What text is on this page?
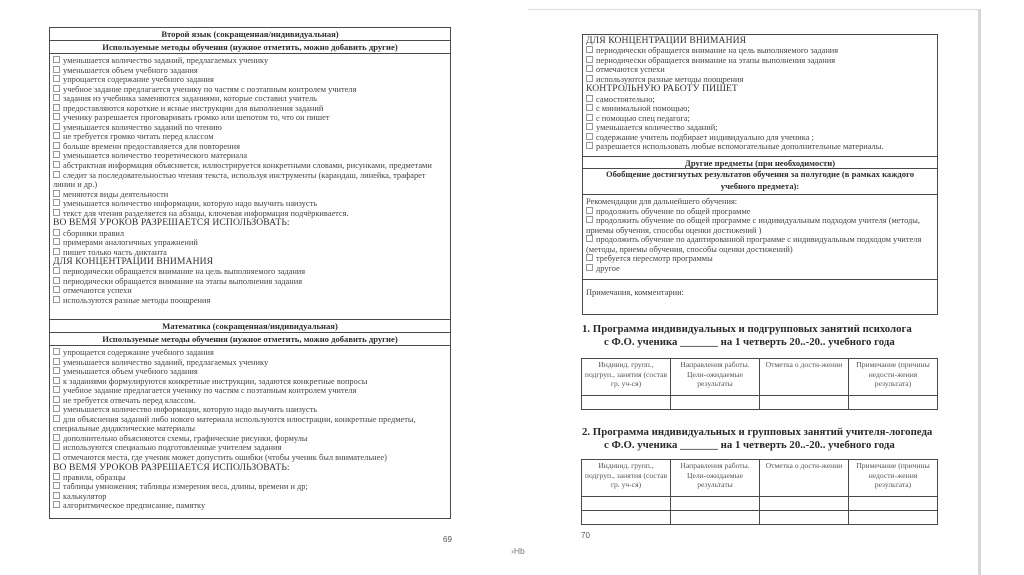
Второй язык (сокращенная/индивидуальная)
Используемые методы обучения (нужное отметить, можно добавить другие)
уменьшается количество заданий, предлагаемых ученику
уменьшается объем учебного задания
упрощается содержание учебного задания
учебное задание предлагается ученику по частям с поэтапным контролем учителя
задания из учебника заменяются заданиями, которые составил учитель
предоставляются короткие и ясные инструкции для выполнения заданий
ученику разрешается проговаривать громко или шепотом то, что он пишет
уменьшается количество заданий по чтению
не требуется громко читать перед классом
больше времени предоставляется для повторения
уменьшается количество теоретического материала
абстрактная информация объясняется, иллюстрируется конкретными словами, рисунками, предметами
следит за последовательностью чтения текста, используя инструменты (карандаш, линейка, трафарет линии и др.)
меняются виды деятельности
уменьшается количество информации, которую надо выучить наизусть
текст для чтения разделяется на абзацы, ключевая информация подчёркивается.
ВО ВЕМЯ УРОКОВ РАЗРЕШАЕТСЯ ИСПОЛЬЗОВАТЬ:
сборники правил
примерами аналогичных упражнений
пишет только часть диктанта
ДЛЯ КОНЦЕНТРАЦИИ ВНИМАНИЯ
периодически обращается внимание на цель выполняемого задания
периодически обращается внимание на этапы выполнения задания
отмечаются успехи
используются разные методы поощрения
Математика (сокращенная/индивидуальная)
Используемые методы обучения (нужное отметить, можно добавить другие)
упрощается содержание учебного задания
уменьшается количество заданий, предлагаемых ученику
уменьшается объем учебного задания
к заданиями формулируются конкретные инструкции, задаются конкретные вопросы
учебное задание предлагается ученику по частям с поэтапным контролем учителя
не требуется отвечать перед классом.
уменьшается количество информации, которую надо выучить наизусть
для объяснения заданий либо нового материала используются илюстрации, конкретные предметы, специальные дидактические материалы
дополнительно объясняются схемы, графические рисунки, формулы
используются специально подготовленные учителем задания
отмечаются места, где ученик может допустить ошибки (чтобы ученик был внимательнее)
ВО ВЕМЯ УРОКОВ РАЗРЕШАЕТСЯ ИСПОЛЬЗОВАТЬ:
правила, образцы
таблицы умножения; таблицы измерения веса, длины, времени и др;
калькулятор
алгоритмическое предписание, памятку
69
›Hb
ДЛЯ КОНЦЕНТРАЦИИ ВНИМАНИЯ
периодически обращается внимание на цель выполняемого задания
периодически обращается внимание на этапы выполнения задания
отмечаются успехи
используются разные методы поощрения
КОНТРОЛЬНУЮ РАБОТУ ПИШЕТ
самостоятельно;
с минимальной помощью;
с помощью спец педагога;
уменьшается количество заданий;
содержание учитель подбирает индивидуально для ученика ;
разрешается использовать любые вспомогательные дополнительные материалы.
Другие предметы (при необходимости)
Обобщение достигнутых результатов обучения за полугодие (в рамках каждого учебного предмета):
Рекомендации для дальнейшего обучения:
продолжить обучение по общей программе
продолжить обучение по общей программе с индивидуальным подходом учителя (методы, приемы обучения, способы оценки достижений )
продолжить обучение по адаптированной программе с индивидуальным подходом учителя (методы, приемы обучения, способы оценки достижений)
требуется пересмотр программы
другое
Примечания, комментарии:
1. Программа индивидуальных и подгрупповых занятий психолога
с Ф.О. ученика _______ на 1 четверть 20..-20.. учебного года
Индивид. групп., подгруп., занятия (состав гр. уч-ся)	Направления работы. Цели-ожидаемые результаты	Отметка о дости-жении	Примечание (причины недости-жения результата)

2. Программа индивидуальных и групповых занятий учителя-логопеда
с Ф.О. ученика _______ на 1 четверть 20..-20.. учебного года
Индивид. групп., подгруп., занятия (состав гр. уч-ся)	Направления работы. Цели-ожидаемые результаты	Отметка о дости-жении	Примечание (причины недости-жения результата)

70
